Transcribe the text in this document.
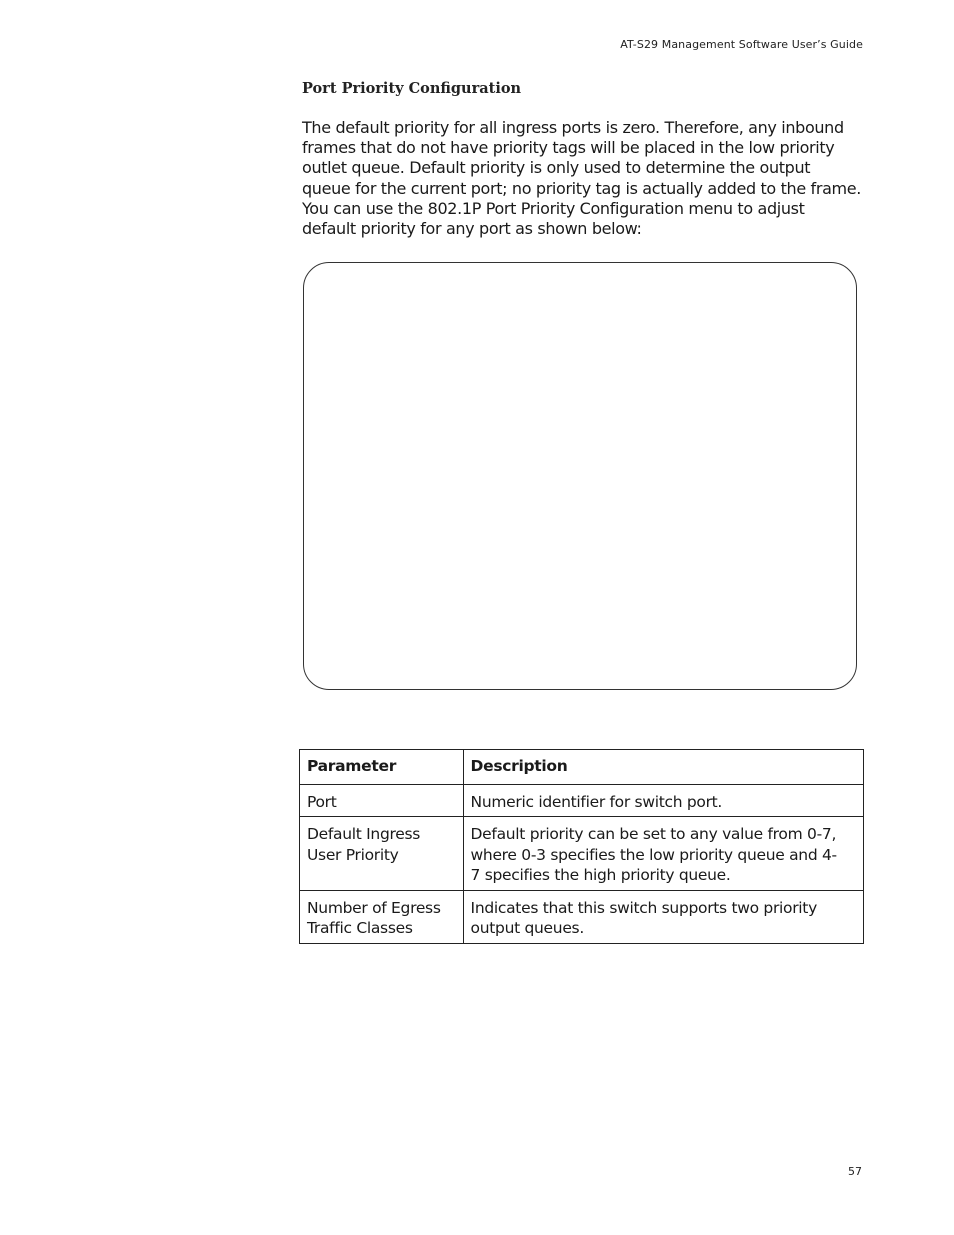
AT-S29 Management Software User’s Guide
Port Priority Configuration
The default priority for all ingress ports is zero. Therefore, any inbound
frames that do not have priority tags will be placed in the low priority
outlet queue. Default priority is only used to determine the output
queue for the current port; no priority tag is actually added to the frame.
You can use the 802.1P Port Priority Configuration menu to adjust
default priority for any port as shown below:
Parameter	Description

Port	Numeric identifier for switch port.

Default Ingress
User Priority	Default priority can be set to any value from 0-7,
where 0-3 specifies the low priority queue and 4-
7 specifies the high priority queue.

Number of Egress
Traffic Classes	Indicates that this switch supports two priority
output queues.
57
